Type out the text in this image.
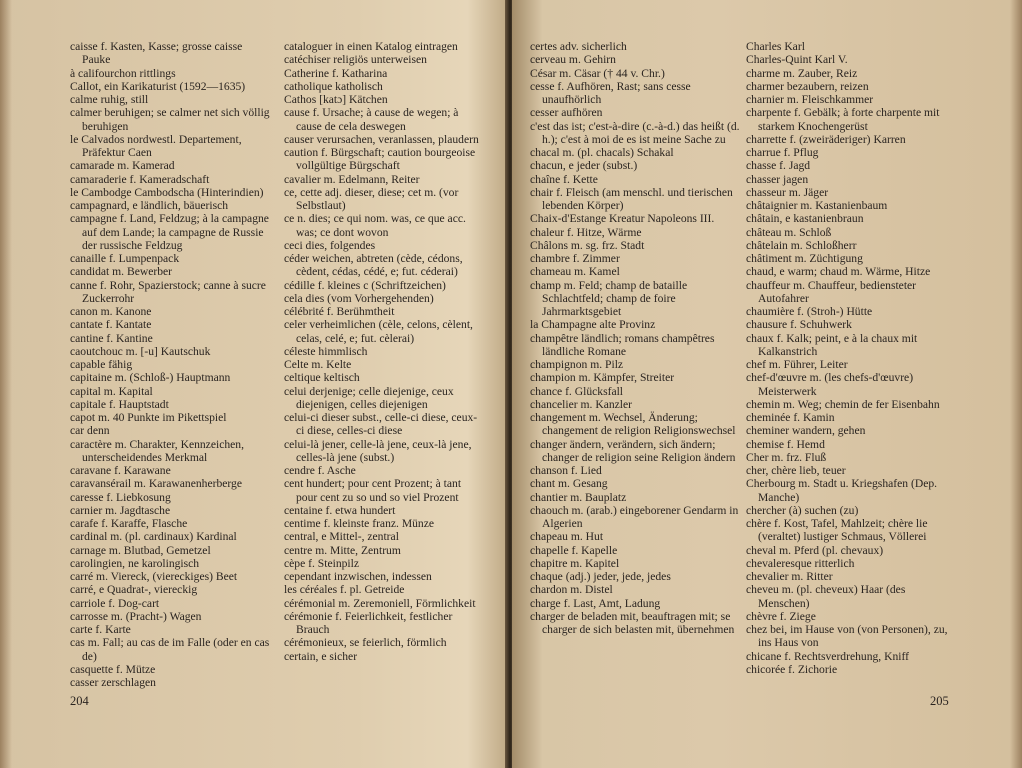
caisse f. Kasten, Kasse; grosse caisse Pauke

à califourchon rittlings

Callot, ein Karikaturist (1592—1635)

calme ruhig, still

calmer beruhigen; se calmer net sich völlig beruhigen

le Calvados nordwestl. Departement, Präfektur Caen

camarade m. Kamerad

camaraderie f. Kameradschaft

le Cambodge Cambodscha (Hinterindien)

campagnard, e ländlich, bäuerisch

campagne f. Land, Feldzug; à la campagne auf dem Lande; la campagne de Russie der russische Feldzug

canaille f. Lumpenpack

candidat m. Bewerber

canne f. Rohr, Spazierstock; canne à sucre Zuckerrohr

canon m. Kanone

cantate f. Kantate

cantine f. Kantine

caoutchouc m. [-u] Kautschuk

capable fähig

capitaine m. (Schloß-) Hauptmann

capital m. Kapital

capitale f. Hauptstadt

capot m. 40 Punkte im Pikettspiel

car denn

caractère m. Charakter, Kennzeichen, unterscheidendes Merkmal

caravane f. Karawane

caravansérail m. Karawanenherberge

caresse f. Liebkosung

carnier m. Jagdtasche

carafe f. Karaffe, Flasche

cardinal m. (pl. cardinaux) Kardinal

carnage m. Blutbad, Gemetzel

carolingien, ne karolingisch

carré m. Viereck, (viereckiges) Beet

carré, e Quadrat-, viereckig

carriole f. Dog-cart

carrosse m. (Pracht-) Wagen

carte f. Karte

cas m. Fall; au cas de im Falle (oder en cas de)

casquette f. Mütze

casser zerschlagen

cataloguer in einen Katalog eintragen

catéchiser religiös unterweisen

Catherine f. Katharina

catholique katholisch

Cathos [katɔ] Kätchen

cause f. Ursache; à cause de wegen; à cause de cela deswegen

causer verursachen, veranlassen, plaudern

caution f. Bürgschaft; caution bourgeoise vollgültige Bürgschaft

cavalier m. Edelmann, Reiter

ce, cette adj. dieser, diese; cet m. (vor Selbstlaut)

ce n. dies; ce qui nom. was, ce que acc. was; ce dont wovon

ceci dies, folgendes

céder weichen, abtreten (cède, cédons, cèdent, cédas, cédé, e; fut. céderai)

cédille f. kleines c (Schriftzeichen)

cela dies (vom Vorhergehenden)

célébrité f. Berühmtheit

celer verheimlichen (cèle, celons, cèlent, celas, celé, e; fut. cèlerai)

céleste himmlisch

Celte m. Kelte

celtique keltisch

celui derjenige; celle diejenige, ceux diejenigen, celles diejenigen

celui-ci dieser subst., celle-ci diese, ceux-ci diese, celles-ci diese

celui-là jener, celle-là jene, ceux-là jene, celles-là jene (subst.)

cendre f. Asche

cent hundert; pour cent Prozent; à tant pour cent zu so und so viel Prozent

centaine f. etwa hundert

centime f. kleinste franz. Münze

central, e Mittel-, zentral

centre m. Mitte, Zentrum

cèpe f. Steinpilz

cependant inzwischen, indessen

les céréales f. pl. Getreide

cérémonial m. Zeremoniell, Förmlichkeit

cérémonie f. Feierlichkeit, festlicher Brauch

cérémonieux, se feierlich, förmlich

certain, e sicher

204

certes adv. sicherlich

cerveau m. Gehirn

César m. Cäsar († 44 v. Chr.)

cesse f. Aufhören, Rast; sans cesse unaufhörlich

cesser aufhören

c'est das ist; c'est-à-dire (c.-à-d.) das heißt (d. h.); c'est à moi de es ist meine Sache zu

chacal m. (pl. chacals) Schakal

chacun, e jeder (subst.)

chaîne f. Kette

chair f. Fleisch (am menschl. und tierischen lebenden Körper)

Chaix-d'Estange Kreatur Napoleons III.

chaleur f. Hitze, Wärme

Châlons m. sg. frz. Stadt

chambre f. Zimmer

chameau m. Kamel

champ m. Feld; champ de bataille Schlachtfeld; champ de foire Jahrmarktsgebiet

la Champagne alte Provinz

champêtre ländlich; romans champêtres ländliche Romane

champignon m. Pilz

champion m. Kämpfer, Streiter

chance f. Glücksfall

chancelier m. Kanzler

changement m. Wechsel, Änderung; changement de religion Religionswechsel

changer ändern, verändern, sich ändern; changer de religion seine Religion ändern

chanson f. Lied

chant m. Gesang

chantier m. Bauplatz

chaouch m. (arab.) eingeborener Gendarm in Algerien

chapeau m. Hut

chapelle f. Kapelle

chapitre m. Kapitel

chaque (adj.) jeder, jede, jedes

chardon m. Distel

charge f. Last, Amt, Ladung

charger de beladen mit, beauftragen mit; se charger de sich belasten mit, übernehmen

Charles Karl

Charles-Quint Karl V.

charme m. Zauber, Reiz

charmer bezaubern, reizen

charnier m. Fleischkammer

charpente f. Gebälk; à forte charpente mit starkem Knochengerüst

charrette f. (zweiräderiger) Karren

charrue f. Pflug

chasse f. Jagd

chasser jagen

chasseur m. Jäger

châtaignier m. Kastanienbaum

châtain, e kastanienbraun

château m. Schloß

châtelain m. Schloßherr

châtiment m. Züchtigung

chaud, e warm; chaud m. Wärme, Hitze

chauffeur m. Chauffeur, bediensteter Autofahrer

chaumière f. (Stroh-) Hütte

chausure f. Schuhwerk

chaux f. Kalk; peint, e à la chaux mit Kalkanstrich

chef m. Führer, Leiter

chef-d'œuvre m. (les chefs-d'œuvre) Meisterwerk

chemin m. Weg; chemin de fer Eisenbahn

cheminée f. Kamin

cheminer wandern, gehen

chemise f. Hemd

Cher m. frz. Fluß

cher, chère lieb, teuer

Cherbourg m. Stadt u. Kriegshafen (Dep. Manche)

chercher (à) suchen (zu)

chère f. Kost, Tafel, Mahlzeit; chère lie (veraltet) lustiger Schmaus, Völlerei

cheval m. Pferd (pl. chevaux)

chevaleresque ritterlich

chevalier m. Ritter

cheveu m. (pl. cheveux) Haar (des Menschen)

chèvre f. Ziege

chez bei, im Hause von (von Personen), zu, ins Haus von

chicane f. Rechtsverdrehung, Kniff

chicorée f. Zichorie

205
